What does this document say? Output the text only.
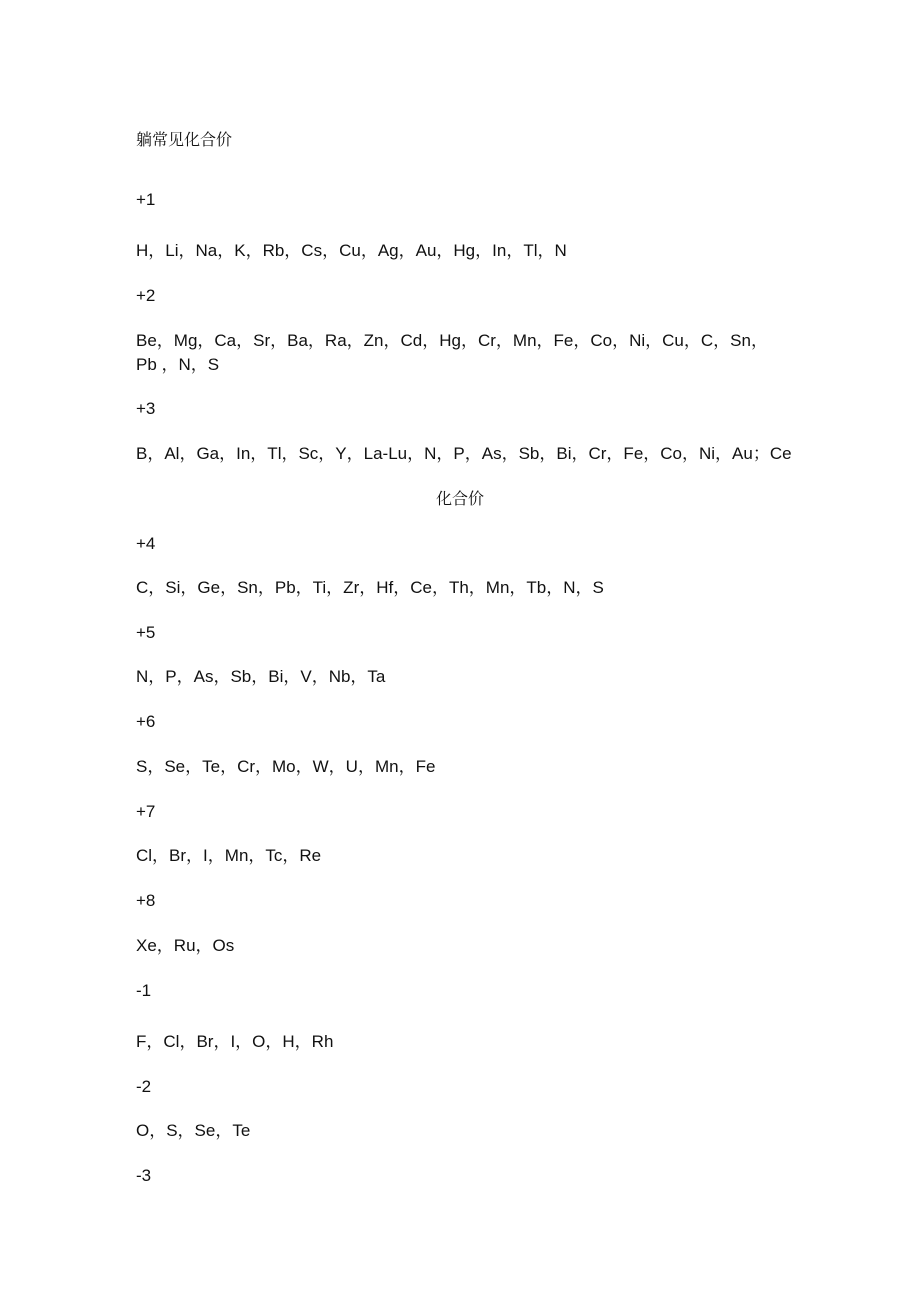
躺常见化合价
+1
H，Li，Na，K，Rb，Cs，Cu，Ag，Au，Hg，In，Tl，N
+2
Be，Mg，Ca，Sr，Ba，Ra，Zn，Cd，Hg，Cr，Mn，Fe，Co，Ni，Cu，C，Sn，Pb ，N，S
+3
B，Al，Ga，In，Tl，Sc，Y，La-Lu，N，P，As，Sb，Bi，Cr，Fe，Co，Ni，Au；Ce
化合价
+4
C，Si，Ge，Sn，Pb，Ti，Zr，Hf，Ce，Th，Mn，Tb，N，S
+5
N，P，As，Sb，Bi，V，Nb，Ta
+6
S，Se，Te，Cr，Mo，W，U，Mn，Fe
+7
Cl，Br，I，Mn，Tc，Re
+8
Xe，Ru，Os
-1
F，Cl，Br，I，O，H，Rh
-2
O，S，Se，Te
-3
